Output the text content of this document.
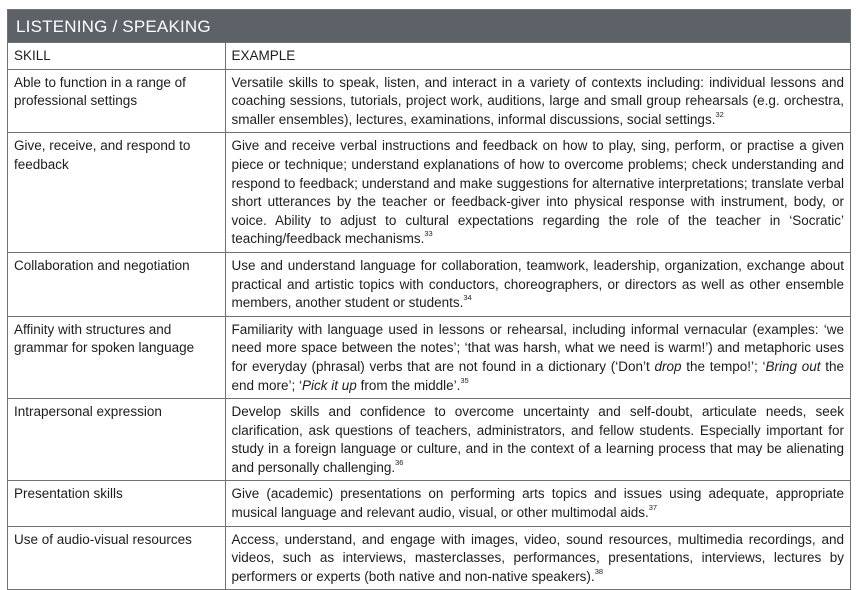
LISTENING / SPEAKING
SKILL	EXAMPLE
Able to function in a range of professional settings	Versatile skills to speak, listen, and interact in a variety of contexts including: individual lessons and coaching sessions, tutorials, project work, auditions, large and small group rehearsals (e.g. orchestra, smaller ensembles), lectures, examinations, informal discussions, social settings.$^{32}$
Give, receive, and respond to feedback	Give and receive verbal instructions and feedback on how to play, sing, perform, or practise a given piece or technique; understand explanations of how to overcome problems; check understanding and respond to feedback; understand and make suggestions for alternative interpretations; translate verbal short utterances by the teacher or feedback-giver into physical response with instrument, body, or voice. Ability to adjust to cultural expectations regarding the role of the teacher in ‘Socratic’ teaching/feedback mechanisms.$^{33}$
Collaboration and negotiation	Use and understand language for collaboration, teamwork, leadership, organization, exchange about practical and artistic topics with conductors, choreographers, or directors as well as other ensemble members, another student or students.$^{34}$
Affinity with structures and grammar for spoken language	Familiarity with language used in lessons or rehearsal, including informal vernacular (examples: ‘we need more space between the notes’; ‘that was harsh, what we need is warm!’) and metaphoric uses for everyday (phrasal) verbs that are not found in a dictionary (‘Don’t drop the tempo!’; ‘Bring out the end more’; ‘Pick it up from the middle’.$^{35}$
Intrapersonal expression	Develop skills and confidence to overcome uncertainty and self-doubt, articulate needs, seek clarification, ask questions of teachers, administrators, and fellow students. Especially important for study in a foreign language or culture, and in the context of a learning process that may be alienating and personally challenging.$^{36}$
Presentation skills	Give (academic) presentations on performing arts topics and issues using adequate, appropriate musical language and relevant audio, visual, or other multimodal aids.$^{37}$
Use of audio-visual resources	Access, understand, and engage with images, video, sound resources, multimedia recordings, and videos, such as interviews, masterclasses, performances, presentations, interviews, lectures by performers or experts (both native and non-native speakers).$^{38}$
